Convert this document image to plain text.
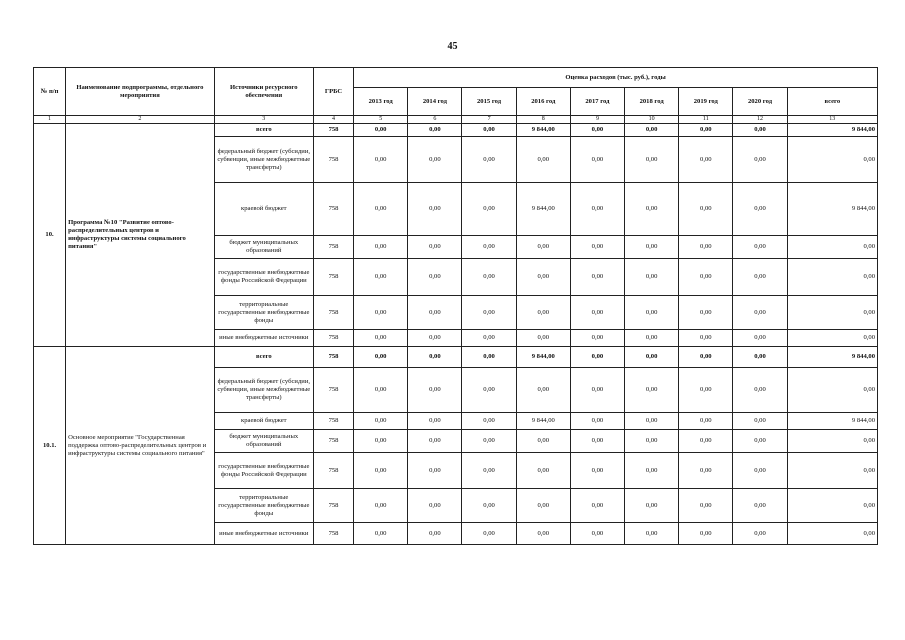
45
№ п/п	Наименование подпрограммы, отдельного мероприятия	Источники ресурсного обеспечения	ГРБС	Оценка расходов (тыс. руб.), годы								
				2013 год	2014 год	2015 год	2016 год	2017 год	2018 год	2019 год	2020 год	всего
1	2	3	4	5	6	7	8	9	10	11	12	13
10.	Программа №10 "Развитие оптово-распределительных центров и инфраструктуры системы социального питания"	всего	758	0,00	0,00	0,00	9 844,00	0,00	0,00	0,00	0,00	9 844,00
		федеральный бюджет (субсидии, субвенции, иные межбюджетные трансферты)	758	0,00	0,00	0,00	0,00	0,00	0,00	0,00	0,00	0,00
		краевой бюджет	758	0,00	0,00	0,00	9 844,00	0,00	0,00	0,00	0,00	9 844,00
		бюджет муниципальных образований	758	0,00	0,00	0,00	0,00	0,00	0,00	0,00	0,00	0,00
		государственные внебюджетные фонды Российской Федерации	758	0,00	0,00	0,00	0,00	0,00	0,00	0,00	0,00	0,00
		территориальные государственные внебюджетные фонды	758	0,00	0,00	0,00	0,00	0,00	0,00	0,00	0,00	0,00
		иные внебюджетные источники	758	0,00	0,00	0,00	0,00	0,00	0,00	0,00	0,00	0,00
10.1.	Основное мероприятие "Государственная поддержка оптово-распределительных центров и инфраструктуры системы социального питания"	всего	758	0,00	0,00	0,00	9 844,00	0,00	0,00	0,00	0,00	9 844,00
		федеральный бюджет (субсидии, субвенции, иные межбюджетные трансферты)	758	0,00	0,00	0,00	0,00	0,00	0,00	0,00	0,00	0,00
		краевой бюджет	758	0,00	0,00	0,00	9 844,00	0,00	0,00	0,00	0,00	9 844,00
		бюджет муниципальных образований	758	0,00	0,00	0,00	0,00	0,00	0,00	0,00	0,00	0,00
		государственные внебюджетные фонды Российской Федерации	758	0,00	0,00	0,00	0,00	0,00	0,00	0,00	0,00	0,00
		территориальные государственные внебюджетные фонды	758	0,00	0,00	0,00	0,00	0,00	0,00	0,00	0,00	0,00
		иные внебюджетные источники	758	0,00	0,00	0,00	0,00	0,00	0,00	0,00	0,00	0,00
